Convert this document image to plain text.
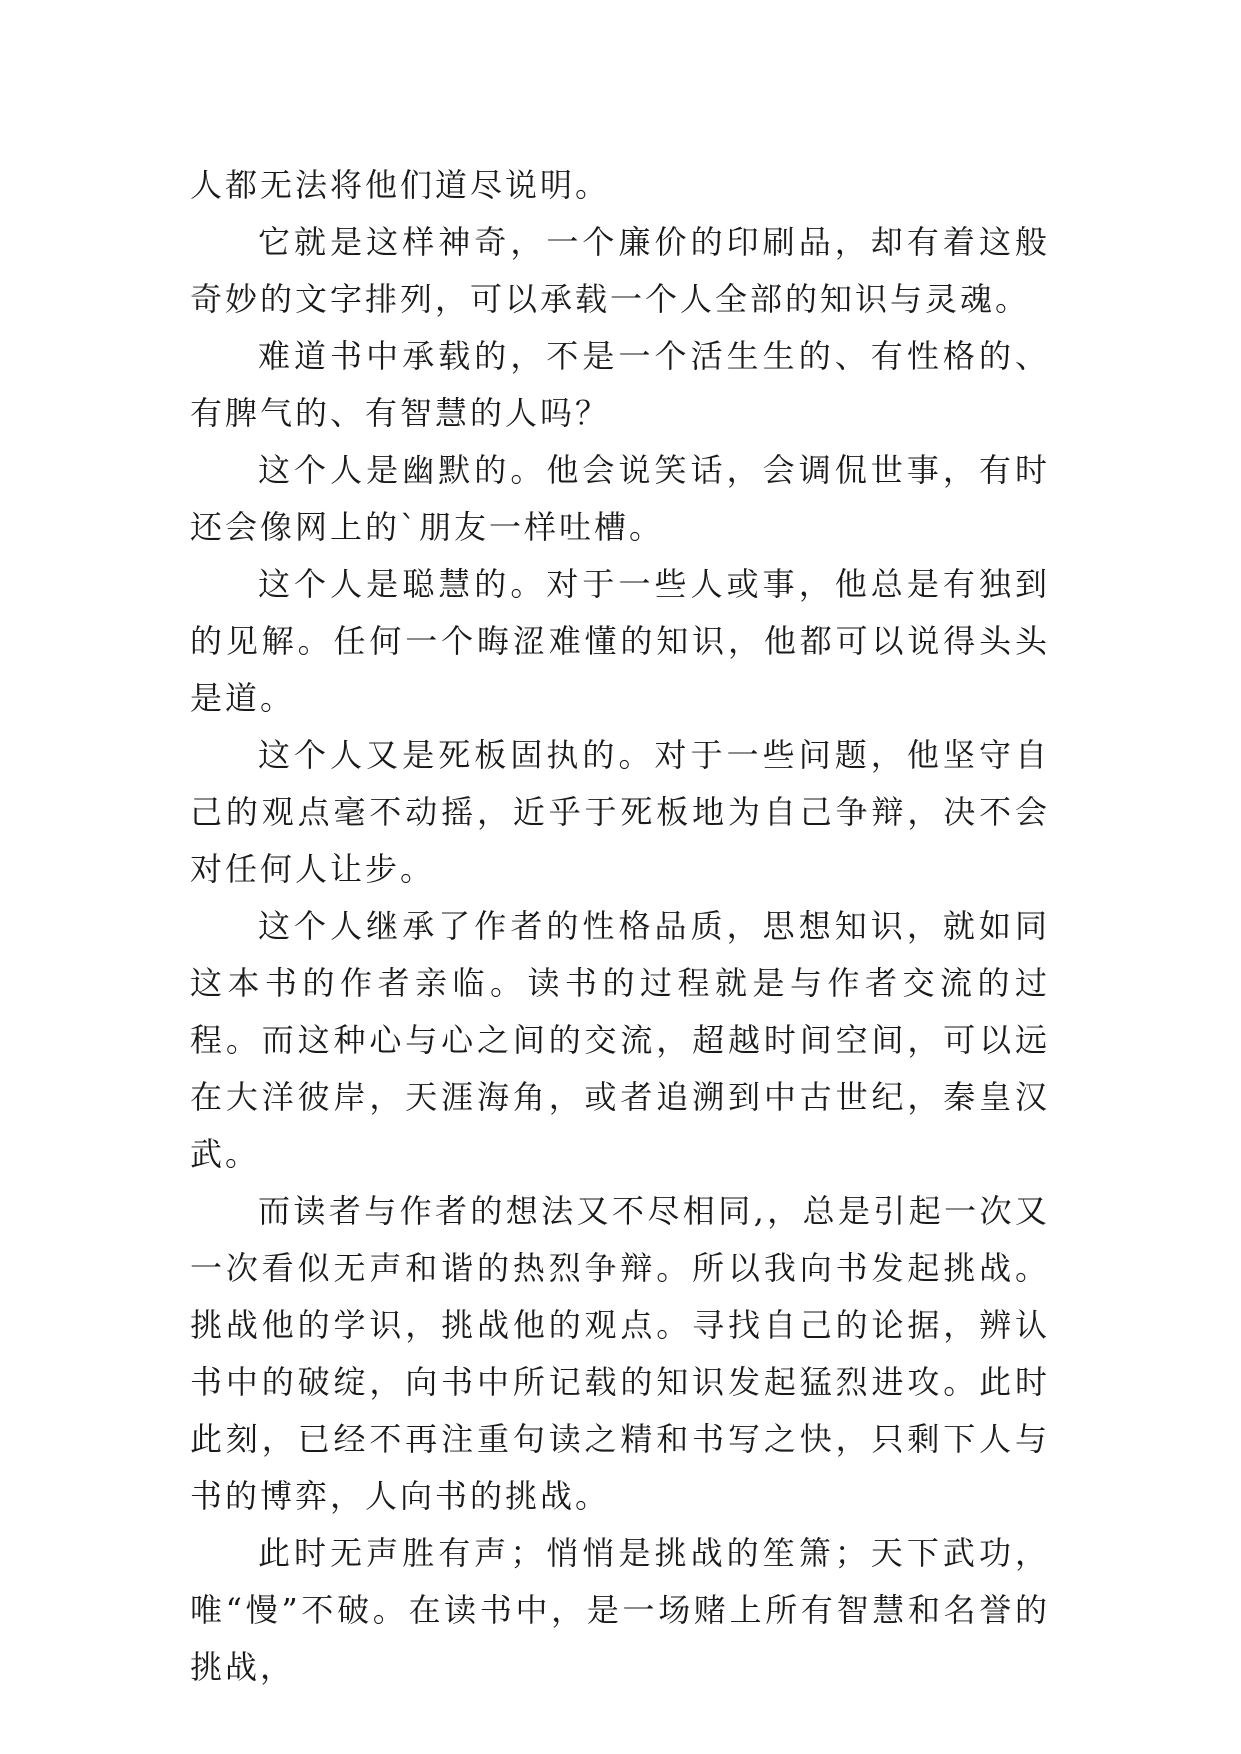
人都无法将他们道尽说明。

它就是这样神奇，一个廉价的印刷品，却有着这般奇妙的文字排列，可以承载一个人全部的知识与灵魂。

难道书中承载的，不是一个活生生的、有性格的、有脾气的、有智慧的人吗？

这个人是幽默的。他会说笑话，会调侃世事，有时还会像网上的`朋友一样吐槽。

这个人是聪慧的。对于一些人或事，他总是有独到的见解。任何一个晦涩难懂的知识，他都可以说得头头是道。

这个人又是死板固执的。对于一些问题，他坚守自己的观点毫不动摇，近乎于死板地为自己争辩，决不会对任何人让步。

这个人继承了作者的性格品质，思想知识，就如同这本书的作者亲临。读书的过程就是与作者交流的过程。而这种心与心之间的交流，超越时间空间，可以远在大洋彼岸，天涯海角，或者追溯到中古世纪，秦皇汉武。

而读者与作者的想法又不尽相同,，总是引起一次又一次看似无声和谐的热烈争辩。所以我向书发起挑战。挑战他的学识，挑战他的观点。寻找自己的论据，辨认书中的破绽，向书中所记载的知识发起猛烈进攻。此时此刻，已经不再注重句读之精和书写之快，只剩下人与书的博弈，人向书的挑战。

此时无声胜有声；悄悄是挑战的笙箫；天下武功，唯“慢”不破。在读书中，是一场赌上所有智慧和名誉的挑战，
